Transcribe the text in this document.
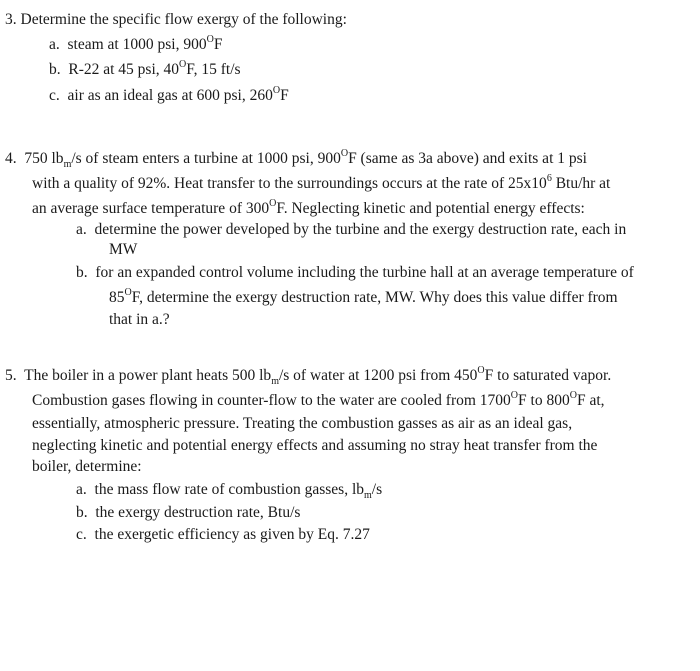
3. Determine the specific flow exergy of the following:
a. steam at 1000 psi, $900^OF$
b. R-22 at 45 psi, $40^OF$, 15 ft/s
c. air as an ideal gas at 600 psi, $260^OF$
4. 750 $lb_m/s$ of steam enters a turbine at 1000 psi, $900^OF$ (same as 3a above) and exits at 1 psi
with a quality of 92%. Heat transfer to the surroundings occurs at the rate of $25x10^6$ Btu/hr at
an average surface temperature of $300^OF$. Neglecting kinetic and potential energy effects:
a. determine the power developed by the turbine and the exergy destruction rate, each in
MW
b. for an expanded control volume including the turbine hall at an average temperature of
$85^OF$, determine the exergy destruction rate, MW. Why does this value differ from
that in a.?
5. The boiler in a power plant heats 500 $lb_m/s$ of water at 1200 psi from $450^OF$ to saturated vapor.
Combustion gases flowing in counter-flow to the water are cooled from $1700^OF$ to $800^OF$ at,
essentially, atmospheric pressure. Treating the combustion gasses as air as an ideal gas,
neglecting kinetic and potential energy effects and assuming no stray heat transfer from the
boiler, determine:
a. the mass flow rate of combustion gasses, $lb_m/s$
b. the exergy destruction rate, Btu/s
c. the exergetic efficiency as given by Eq. 7.27
